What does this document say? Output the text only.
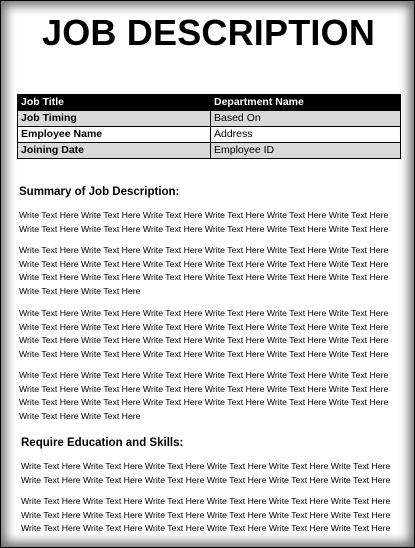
JOB DESCRIPTION
Job Title	Department Name
Job Timing	Based On
Employee Name	Address
Joining Date	Employee ID
Summary of Job Description:
Write Text Here Write Text Here Write Text Here Write Text Here Write Text Here Write Text Here
Write Text Here Write Text Here Write Text Here Write Text Here Write Text Here Write Text Here
Write Text Here Write Text Here Write Text Here Write Text Here Write Text Here Write Text Here
Write Text Here Write Text Here Write Text Here Write Text Here Write Text Here Write Text Here
Write Text Here Write Text Here Write Text Here Write Text Here Write Text Here Write Text Here
Write Text Here Write Text Here
Write Text Here Write Text Here Write Text Here Write Text Here Write Text Here Write Text Here
Write Text Here Write Text Here Write Text Here Write Text Here Write Text Here Write Text Here
Write Text Here Write Text Here Write Text Here Write Text Here Write Text Here Write Text Here
Write Text Here Write Text Here Write Text Here Write Text Here Write Text Here Write Text Here
Write Text Here Write Text Here Write Text Here Write Text Here Write Text Here Write Text Here
Write Text Here Write Text Here Write Text Here Write Text Here Write Text Here Write Text Here
Write Text Here Write Text Here Write Text Here Write Text Here Write Text Here Write Text Here
Write Text Here Write Text Here
Require Education and Skills:
Write Text Here Write Text Here Write Text Here Write Text Here Write Text Here Write Text Here
Write Text Here Write Text Here Write Text Here Write Text Here Write Text Here Write Text Here
Write Text Here Write Text Here Write Text Here Write Text Here Write Text Here Write Text Here
Write Text Here Write Text Here Write Text Here Write Text Here Write Text Here Write Text Here
Write Text Here Write Text Here Write Text Here Write Text Here Write Text Here Write Text Here
